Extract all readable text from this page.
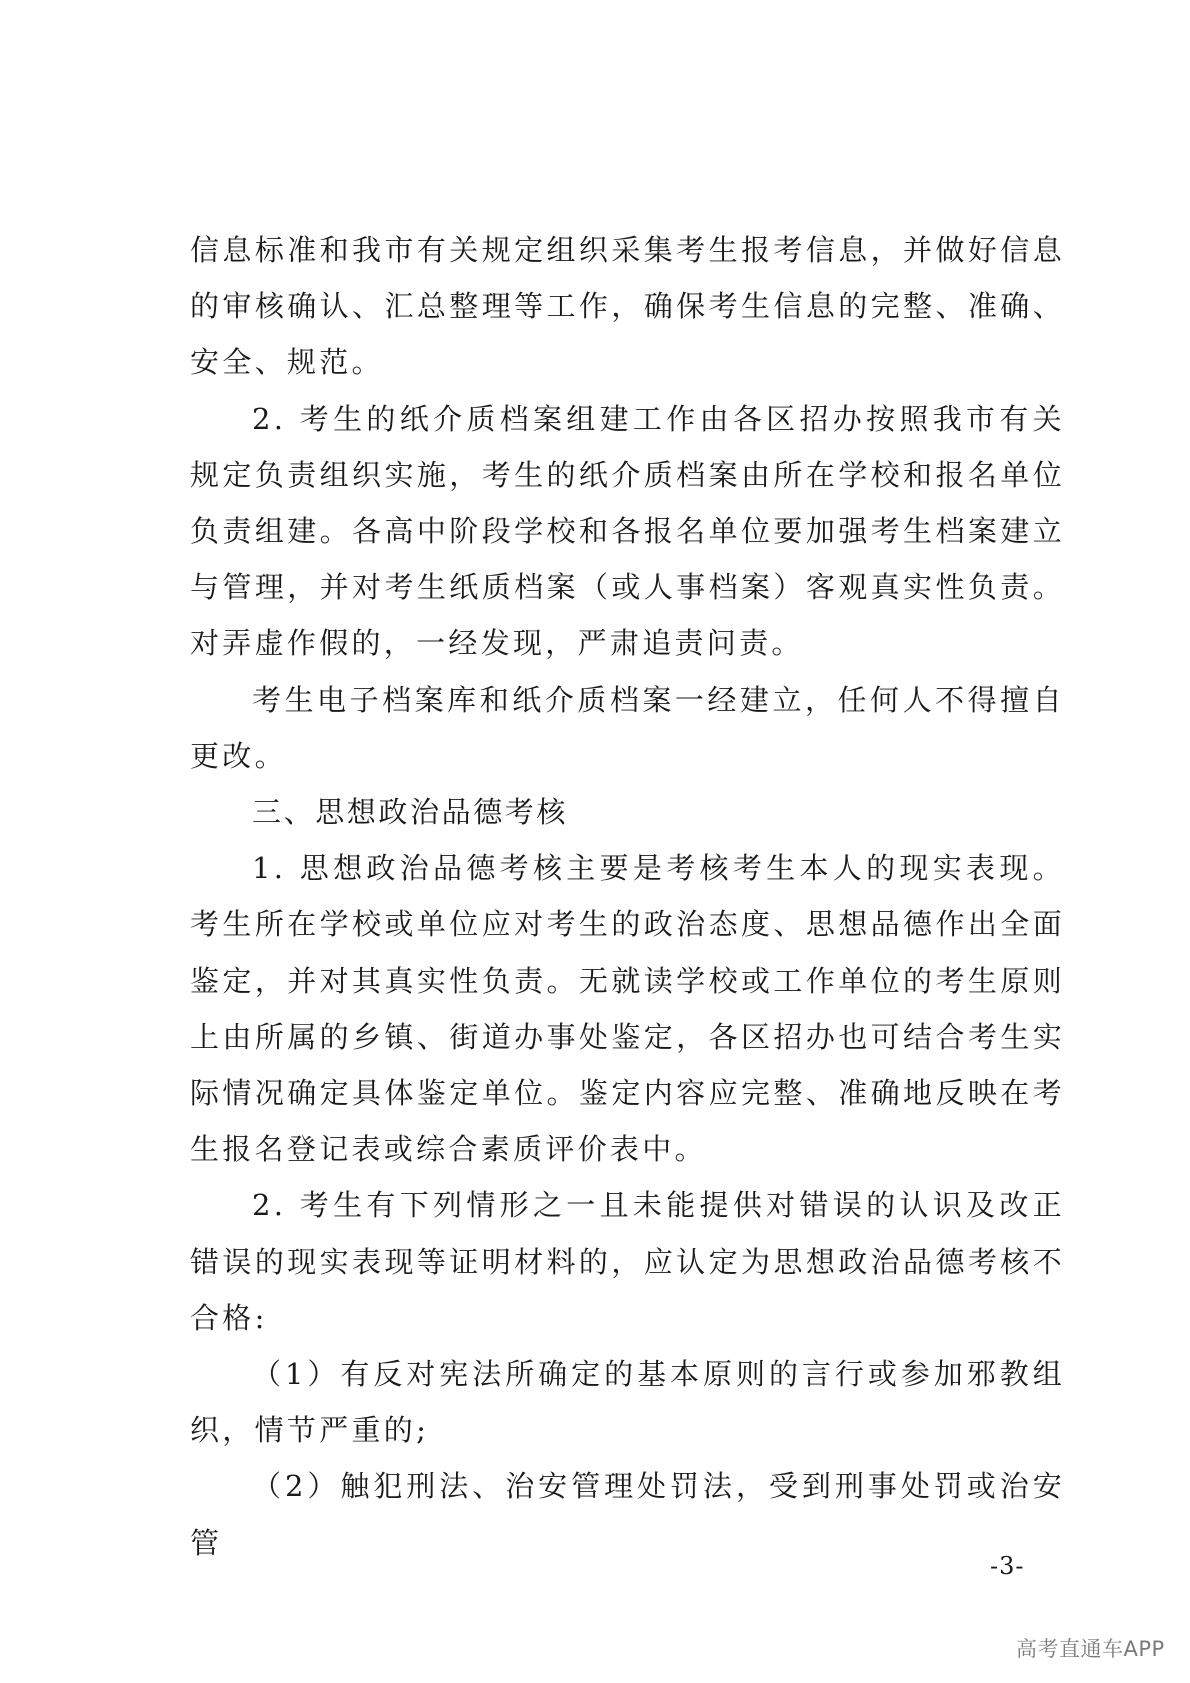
信息标准和我市有关规定组织采集考生报考信息，并做好信息的审核确认、汇总整理等工作，确保考生信息的完整、准确、安全、规范。

2. 考生的纸介质档案组建工作由各区招办按照我市有关规定负责组织实施，考生的纸介质档案由所在学校和报名单位负责组建。各高中阶段学校和各报名单位要加强考生档案建立与管理，并对考生纸质档案（或人事档案）客观真实性负责。对弄虚作假的，一经发现，严肃追责问责。

考生电子档案库和纸介质档案一经建立，任何人不得擅自更改。

三、思想政治品德考核

1. 思想政治品德考核主要是考核考生本人的现实表现。考生所在学校或单位应对考生的政治态度、思想品德作出全面鉴定，并对其真实性负责。无就读学校或工作单位的考生原则上由所属的乡镇、街道办事处鉴定，各区招办也可结合考生实际情况确定具体鉴定单位。鉴定内容应完整、准确地反映在考生报名登记表或综合素质评价表中。

2. 考生有下列情形之一且未能提供对错误的认识及改正错误的现实表现等证明材料的，应认定为思想政治品德考核不合格:

（1）有反对宪法所确定的基本原则的言行或参加邪教组织，情节严重的;

（2）触犯刑法、治安管理处罚法，受到刑事处罚或治安管

-3-
高考直通车APP
